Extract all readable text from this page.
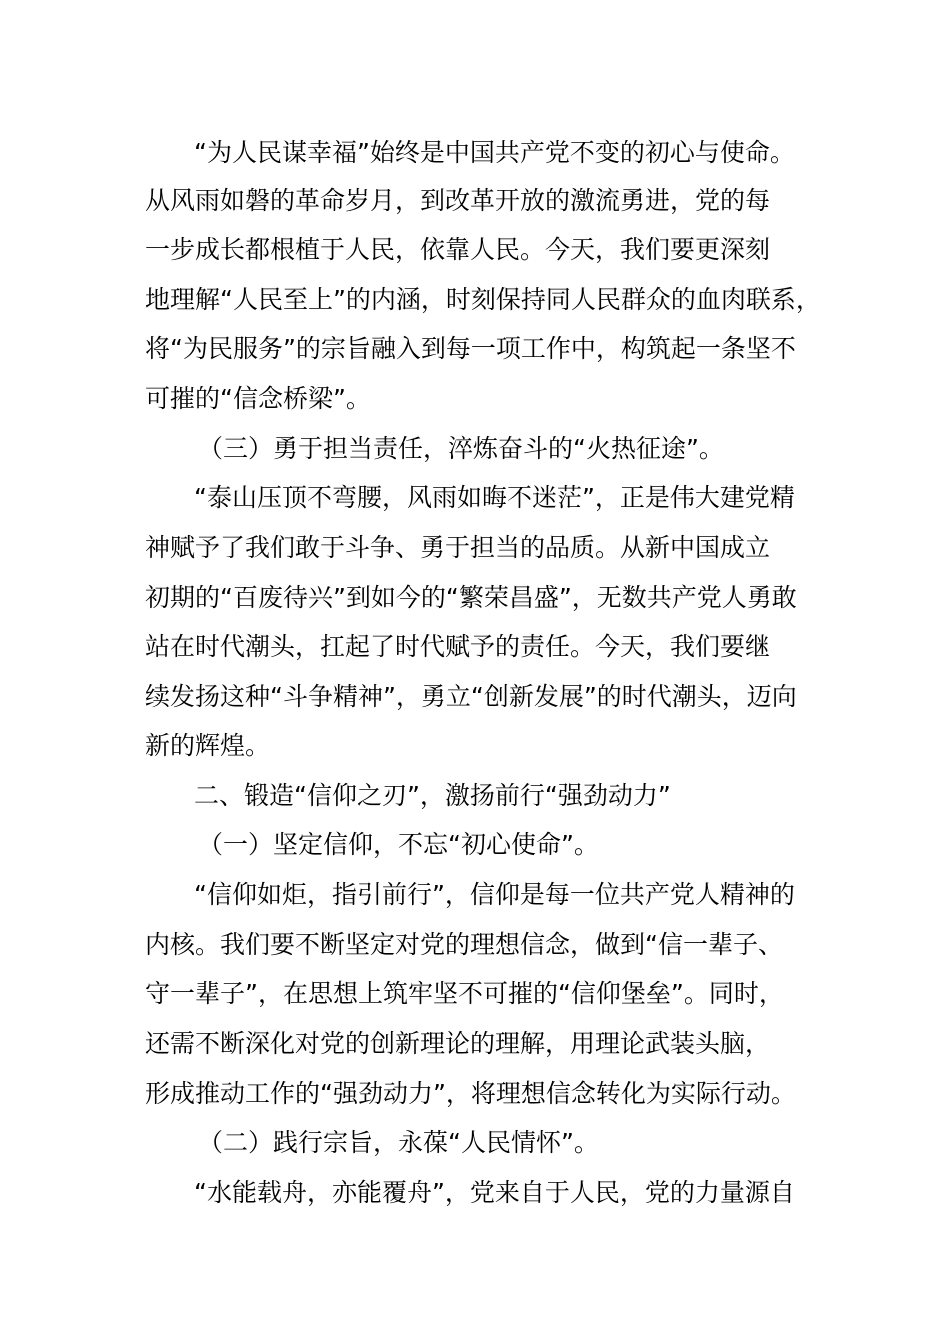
“为人民谋幸福”始终是中国共产党不变的初心与使命。
从风雨如磐的革命岁月，到改革开放的激流勇进，党的每
一步成长都根植于人民，依靠人民。今天，我们要更深刻
地理解“人民至上”的内涵，时刻保持同人民群众的血肉联系，
将“为民服务”的宗旨融入到每一项工作中，构筑起一条坚不
可摧的“信念桥梁”。
（三）勇于担当责任，淬炼奋斗的“火热征途”。
“泰山压顶不弯腰，风雨如晦不迷茫”，正是伟大建党精
神赋予了我们敢于斗争、勇于担当的品质。从新中国成立
初期的“百废待兴”到如今的“繁荣昌盛”，无数共产党人勇敢
站在时代潮头，扛起了时代赋予的责任。今天，我们要继
续发扬这种“斗争精神”，勇立“创新发展”的时代潮头，迈向
新的辉煌。
二、锻造“信仰之刃”，激扬前行“强劲动力”
（一）坚定信仰，不忘“初心使命”。
“信仰如炬，指引前行”，信仰是每一位共产党人精神的
内核。我们要不断坚定对党的理想信念，做到“信一辈子、
守一辈子”，在思想上筑牢坚不可摧的“信仰堡垒”。同时，
还需不断深化对党的创新理论的理解，用理论武装头脑，
形成推动工作的“强劲动力”，将理想信念转化为实际行动。
（二）践行宗旨，永葆“人民情怀”。
“水能载舟，亦能覆舟”，党来自于人民，党的力量源自
